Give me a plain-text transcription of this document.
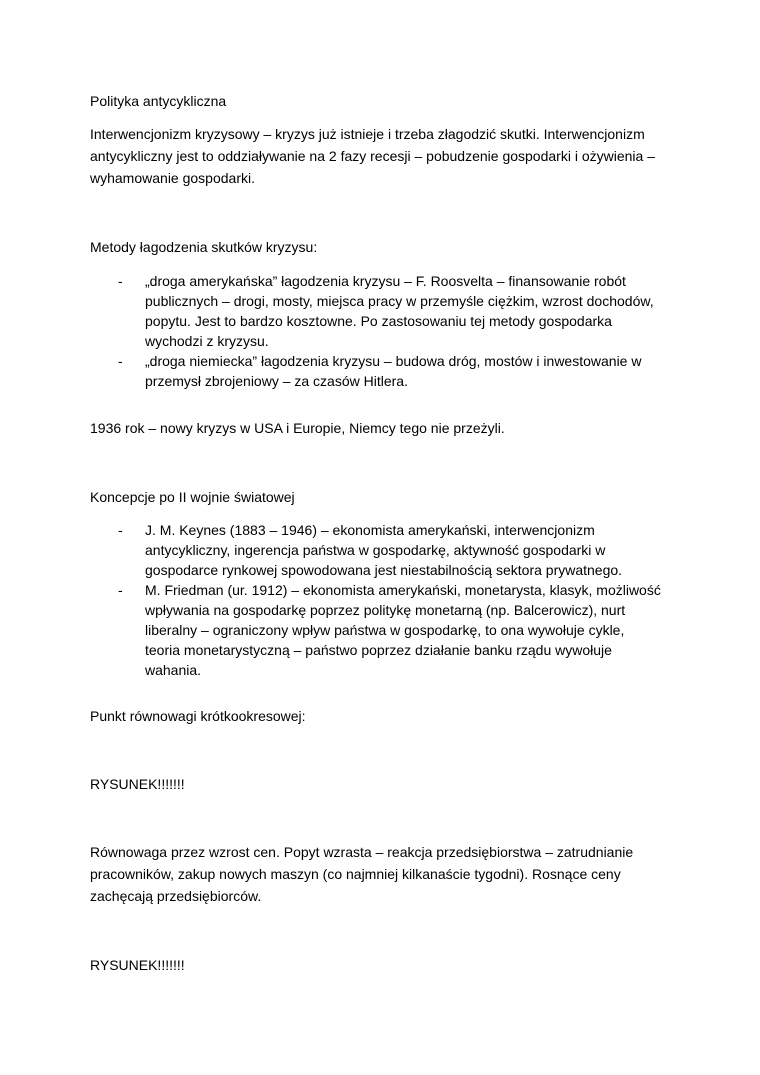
Polityka antycykliczna

Interwencjonizm kryzysowy – kryzys już istnieje i trzeba złagodzić skutki. Interwencjonizm
antycykliczny jest to oddziaływanie na 2 fazy recesji – pobudzenie gospodarki i ożywienia –
wyhamowanie gospodarki.

Metody łagodzenia skutków kryzysu:

- „droga amerykańska” łagodzenia kryzysu – F. Roosvelta – finansowanie robót
publicznych – drogi, mosty, miejsca pracy w przemyśle ciężkim, wzrost dochodów,
popytu. Jest to bardzo kosztowne. Po zastosowaniu tej metody gospodarka
wychodzi z kryzysu.
- „droga niemiecka” łagodzenia kryzysu – budowa dróg, mostów i inwestowanie w
przemysł zbrojeniowy – za czasów Hitlera.

1936 rok – nowy kryzys w USA i Europie, Niemcy tego nie przeżyli.

Koncepcje po II wojnie światowej

- J. M. Keynes (1883 – 1946) – ekonomista amerykański, interwencjonizm
antycykliczny, ingerencja państwa w gospodarkę, aktywność gospodarki w
gospodarce rynkowej spowodowana jest niestabilnością sektora prywatnego.
- M. Friedman (ur. 1912) – ekonomista amerykański, monetarysta, klasyk, możliwość
wpływania na gospodarkę poprzez politykę monetarną (np. Balcerowicz), nurt
liberalny – ograniczony wpływ państwa w gospodarkę, to ona wywołuje cykle,
teoria monetarystyczną – państwo poprzez działanie banku rządu wywołuje
wahania.

Punkt równowagi krótkookresowej:

RYSUNEK!!!!!!!

Równowaga przez wzrost cen. Popyt wzrasta – reakcja przedsiębiorstwa – zatrudnianie
pracowników, zakup nowych maszyn (co najmniej kilkanaście tygodni). Rosnące ceny
zachęcają przedsiębiorców.

RYSUNEK!!!!!!!
